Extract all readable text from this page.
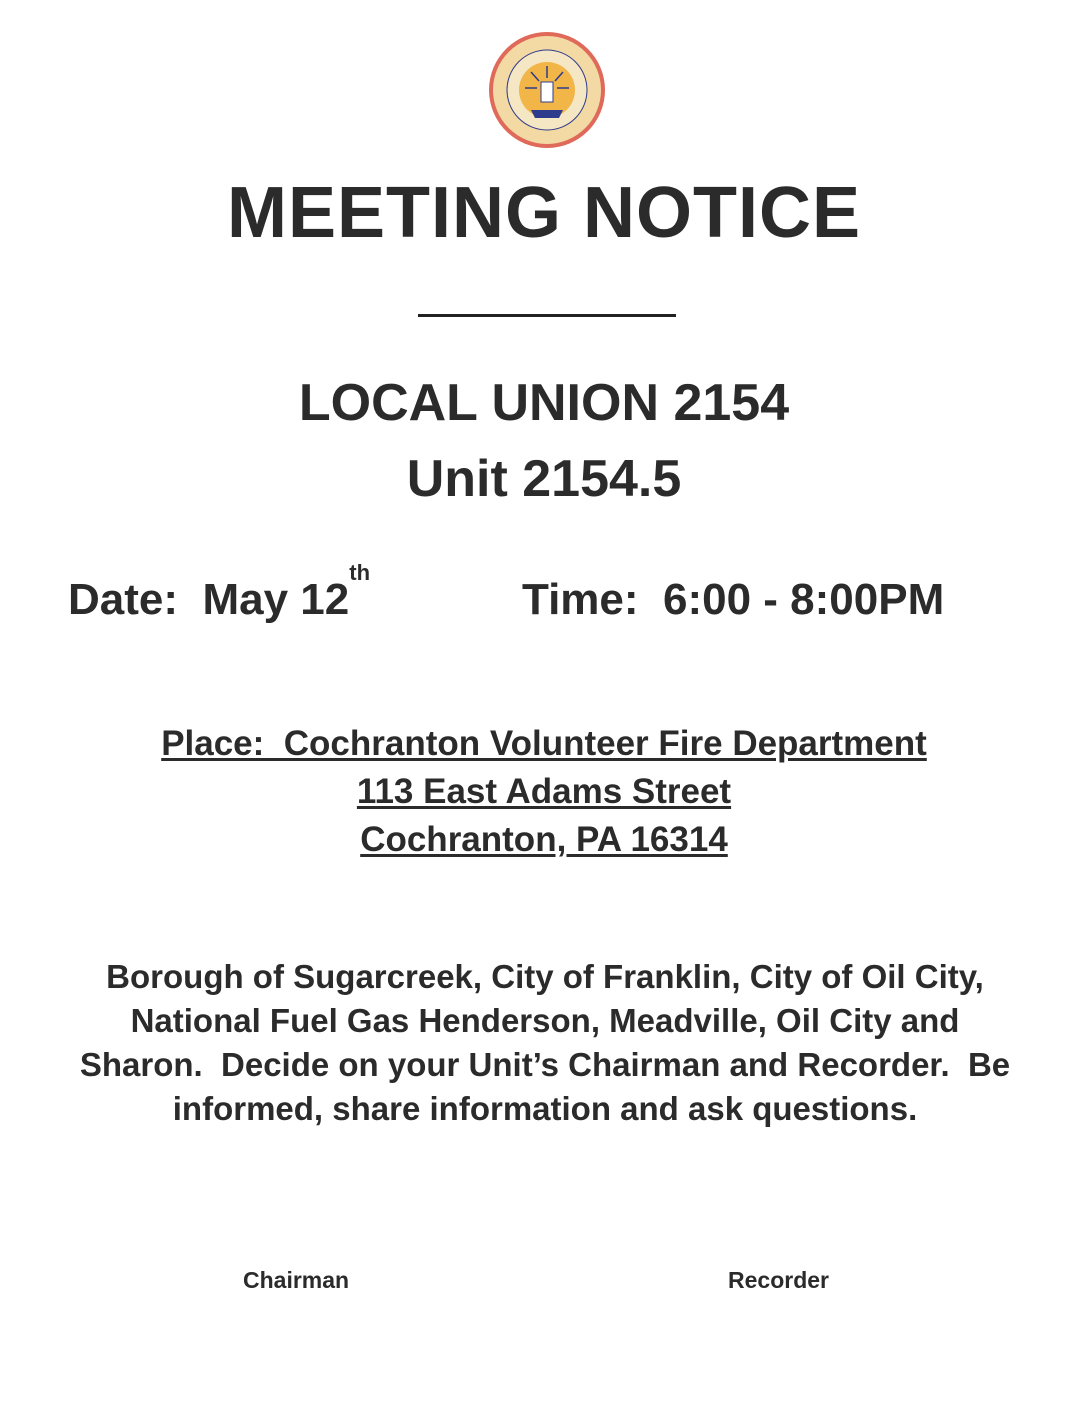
MEETING NOTICE
LOCAL UNION 2154
Unit 2154.5
Date: May 12th
Time: 6:00 - 8:00PM
Place:  Cochranton Volunteer Fire Department
113 East Adams Street
Cochranton, PA 16314
Borough of Sugarcreek, City of Franklin, City of Oil City, National Fuel Gas Henderson, Meadville, Oil City and Sharon.  Decide on your Unit’s Chairman and Recorder.  Be informed, share information and ask questions.
Chairman	Recorder
